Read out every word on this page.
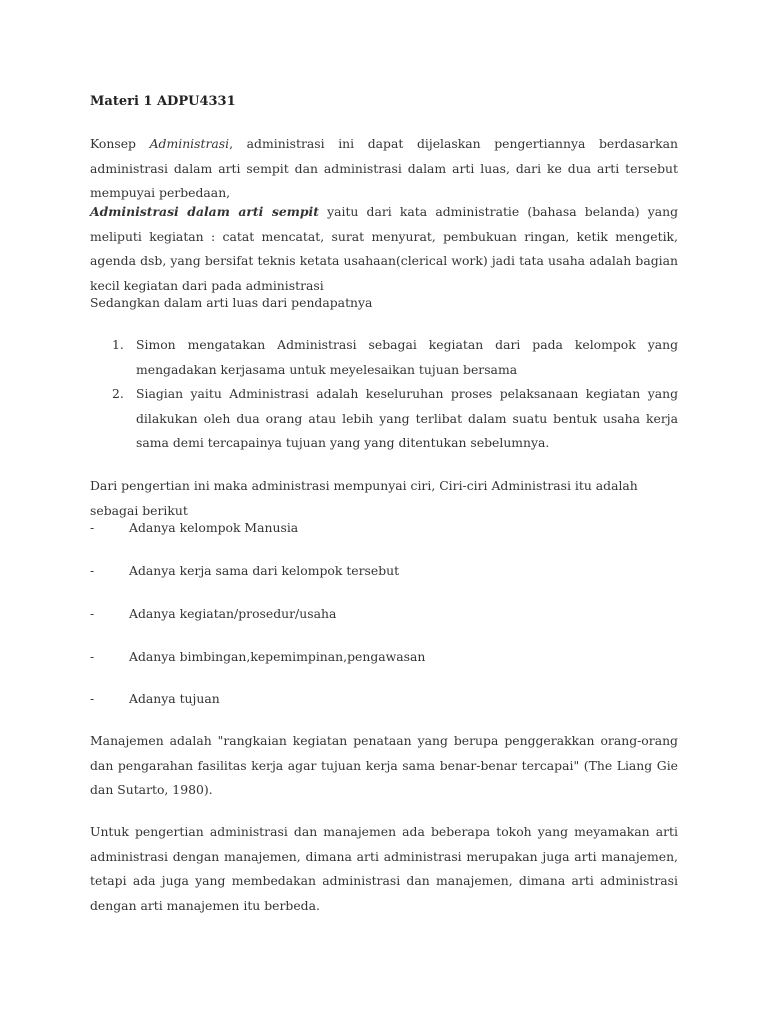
Materi 1 ADPU4331
Konsep Administrasi, administrasi ini dapat dijelaskan pengertiannya berdasarkan administrasi dalam arti sempit dan administrasi dalam arti luas, dari ke dua arti tersebut mempuyai perbedaan,
Administrasi dalam arti sempit yaitu dari kata administratie (bahasa belanda) yang meliputi kegiatan : catat mencatat, surat menyurat, pembukuan ringan, ketik mengetik, agenda dsb, yang bersifat teknis ketata usahaan(clerical work) jadi tata usaha adalah bagian kecil kegiatan dari pada administrasi
Sedangkan dalam arti luas dari pendapatnya
1. Simon mengatakan Administrasi sebagai kegiatan dari pada kelompok yang mengadakan kerjasama untuk meyelesaikan tujuan bersama
2. Siagian yaitu Administrasi adalah keseluruhan proses pelaksanaan kegiatan yang dilakukan oleh dua orang atau lebih yang terlibat dalam suatu bentuk usaha kerja sama demi tercapainya tujuan yang yang ditentukan sebelumnya.
Dari pengertian ini maka administrasi mempunyai ciri, Ciri-ciri Administrasi itu adalah sebagai berikut
-	Adanya kelompok Manusia
-	Adanya kerja sama dari kelompok tersebut
-	Adanya kegiatan/prosedur/usaha
-	Adanya bimbingan,kepemimpinan,pengawasan
-	Adanya tujuan
Manajemen adalah "rangkaian kegiatan penataan yang berupa penggerakkan orang-orang dan pengarahan fasilitas kerja agar tujuan kerja sama benar-benar tercapai" (The Liang Gie dan Sutarto, 1980).
Untuk pengertian administrasi dan manajemen ada beberapa tokoh yang meyamakan arti administrasi dengan manajemen, dimana arti administrasi merupakan juga arti manajemen, tetapi ada juga yang membedakan administrasi dan manajemen, dimana arti administrasi dengan arti manajemen itu berbeda.
